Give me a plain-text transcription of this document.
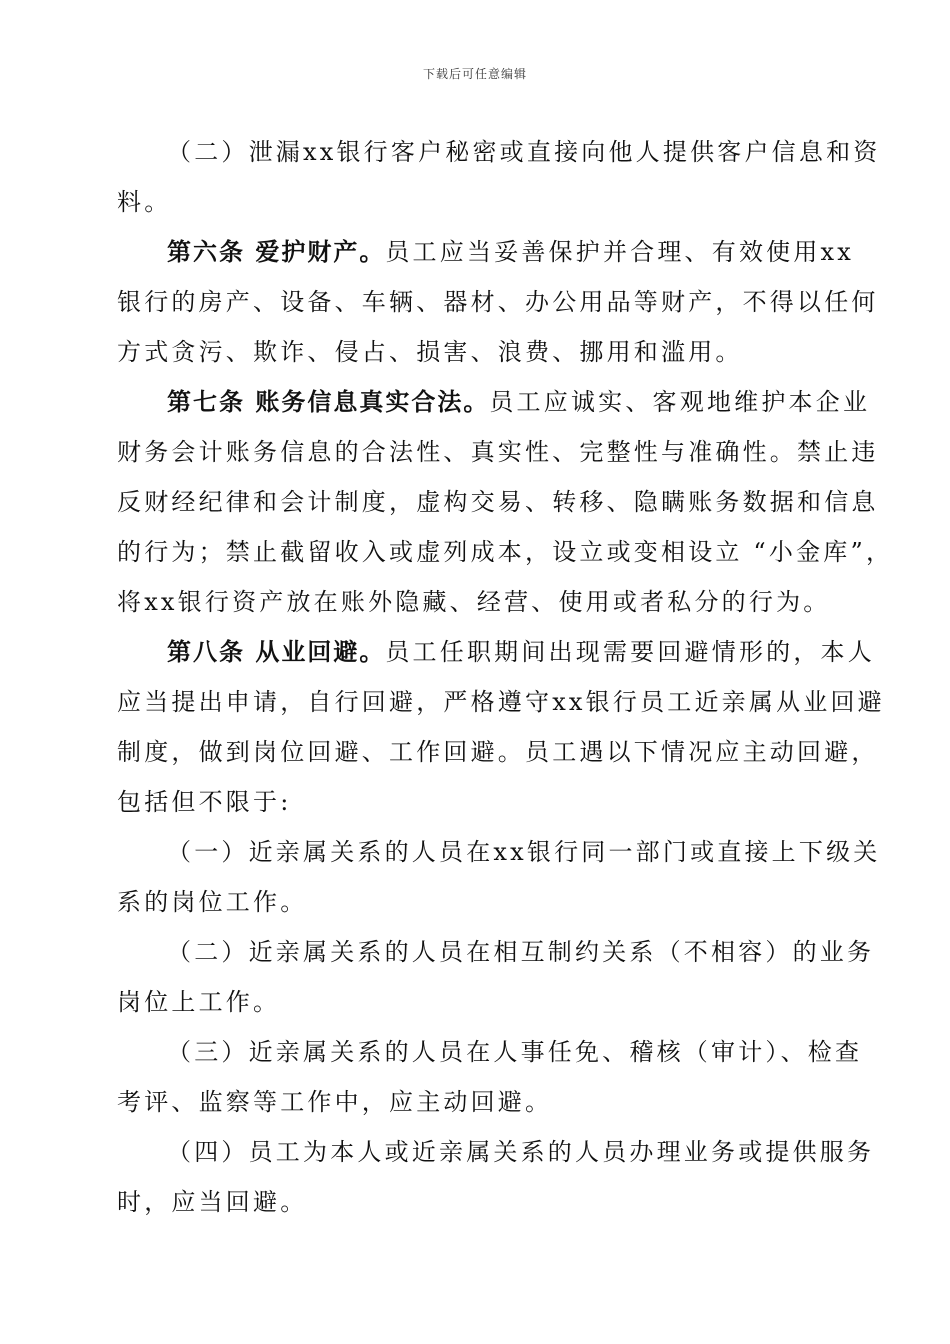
下载后可任意编辑
（二）泄漏xx银行客户秘密或直接向他人提供客户信息和资
料。
第六条 爱护财产。员工应当妥善保护并合理、有效使用xx
银行的房产、设备、车辆、器材、办公用品等财产，不得以任何
方式贪污、欺诈、侵占、损害、浪费、挪用和滥用。
第七条 账务信息真实合法。员工应诚实、客观地维护本企业
财务会计账务信息的合法性、真实性、完整性与准确性。禁止违
反财经纪律和会计制度，虚构交易、转移、隐瞒账务数据和信息
的行为；禁止截留收入或虚列成本，设立或变相设立 “小金库”，
将xx银行资产放在账外隐藏、经营、使用或者私分的行为。
第八条 从业回避。员工任职期间出现需要回避情形的，本人
应当提出申请，自行回避，严格遵守xx银行员工近亲属从业回避
制度，做到岗位回避、工作回避。员工遇以下情况应主动回避，
包括但不限于:
（一）近亲属关系的人员在xx银行同一部门或直接上下级关
系的岗位工作。
（二）近亲属关系的人员在相互制约关系（不相容）的业务
岗位上工作。
（三）近亲属关系的人员在人事任免、稽核（审计）、检查
考评、监察等工作中，应主动回避。
（四）员工为本人或近亲属关系的人员办理业务或提供服务
时，应当回避。
